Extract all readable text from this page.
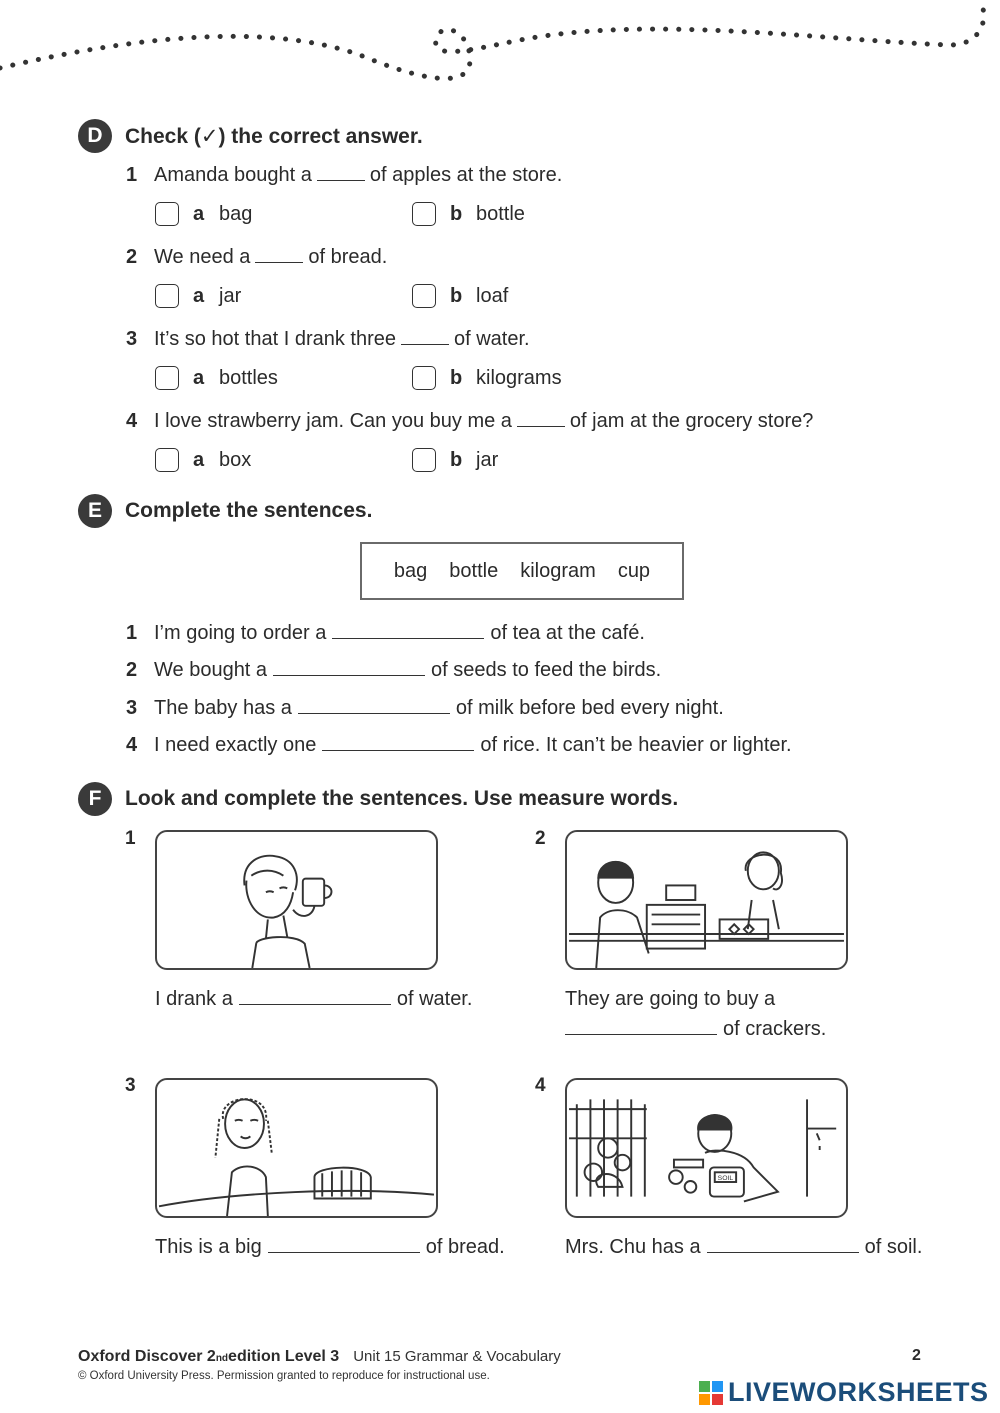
D	Check (✓) the correct answer.
1 Amanda bought a	of apples at the store.
a bag	b bottle
2 We need a	of bread.
a jar	b loaf
3 It’s so hot that I drank three	of water.
a bottles	b kilograms
4 I love strawberry jam. Can you buy me a	of jam at the grocery store?
a box	b jar
E	Complete the sentences.
bag bottle kilogram cup
1 I’m going to order a	of tea at the café.
2 We bought a	of seeds to feed the birds.
3 The baby has a	of milk before bed every night.
4 I need exactly one	of rice. It can’t be heavier or lighter.
F	Look and complete the sentences. Use measure words.
1
I drank a	of water.
2
They are going to buy a
of crackers.
3
This is a big	of bread.
4
SOIL
Mrs. Chu has a	of soil.
Oxford Discover 2 nd edition Level 3 Unit 15 Grammar & Vocabulary
© Oxford University Press. Permission granted to reproduce for instructional use.
2
LIVEWORKSHEETS
